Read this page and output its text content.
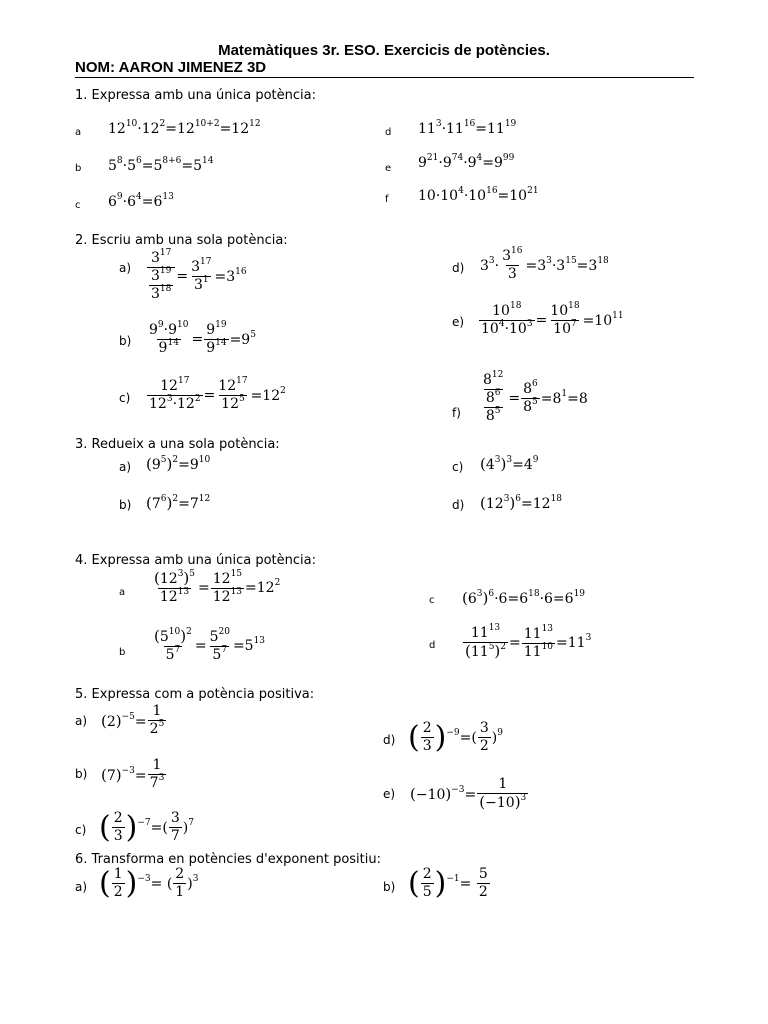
Matemàtiques 3r. ESO. Exercicis de potències.
NOM: AARON JIMENEZ 3D
1. Expressa amb una única potència:
a
b
c
d
e
f
$12^{10}\cdot 12^2=12^{10+2}=12^{12}$
$5^8\cdot 5^6=5^{8+6}=5^{14}$
$6^9\cdot 6^4=6^{13}$
$11^3\cdot 11^{16}=11^{19}$
$9^{21}\cdot 9^{74}\cdot 9^4=9^{99}$
$10\cdot 10^4\cdot 10^{16}=10^{21}$
2. Escriu amb una sola potència:
a)
b)
c)
d)
e)
f)
$\frac{3^{17}}{\frac{3^{19}}{3^{18}}} = \frac{3^{17}}{3^1} =3^{16}$
$\frac{9^9\cdot 9^{10}}{9^{14}} = \frac{9^{19}}{9^{14}} =9^5$
$\frac{12^{17}}{12^3\cdot 12^2} = \frac{12^{17}}{12^5} =12^2$
$3^3\cdot \frac{3^{16}}{3} =3^3\cdot 3^{15}=3^{18}$
$\frac{10^{18}}{10^4\cdot 10^3} = \frac{10^{18}}{10^7} =10^{11}$
$\frac{\frac{8^{12}}{8^6}}{8^5} = \frac{8^6}{8^5} =8^1=8$
3. Redueix a una sola potència:
a)
b)
c)
d)
$(9^5)^2=9^{10}$
$(7^6)^2=7^{12}$
$(4^3)^3=4^9$
$(12^3)^6=12^{18}$
4. Expressa amb una única potència:
a
b
c
d
$\frac{(12^3)^5}{12^{13}} = \frac{12^{15}}{12^{13}} =12^2$
$\frac{(5^{10})^2}{5^7} = \frac{5^{20}}{5^7} =5^{13}$
$(6^3)^6\cdot 6=6^{18}\cdot 6=6^{19}$
$\frac{11^{13}}{(11^5)^2} = \frac{11^{13}}{11^{10}} =11^3$
5. Expressa com a potència positiva:
a)
b)
c)
d)
e)
$(2)^{-5}= \frac{1}{2^5}$
$(7)^{-3}= \frac{1}{7^3}$
( $\frac{2}{3} )^{-7}=( \frac{3}{7} )^7$
( $\frac{2}{3} )^{-9}=( \frac{3}{2} )^9$
$(-10)^{-3}= \frac{1}{(-10)^3}$
6. Transforma en potències d'exponent positiu:
a)	b)
( $\frac{1}{2} )^{-3}=$ ( $\frac{2}{1} )^3$	( $\frac{2}{5} )^{-1}= \frac{5}{2}$
